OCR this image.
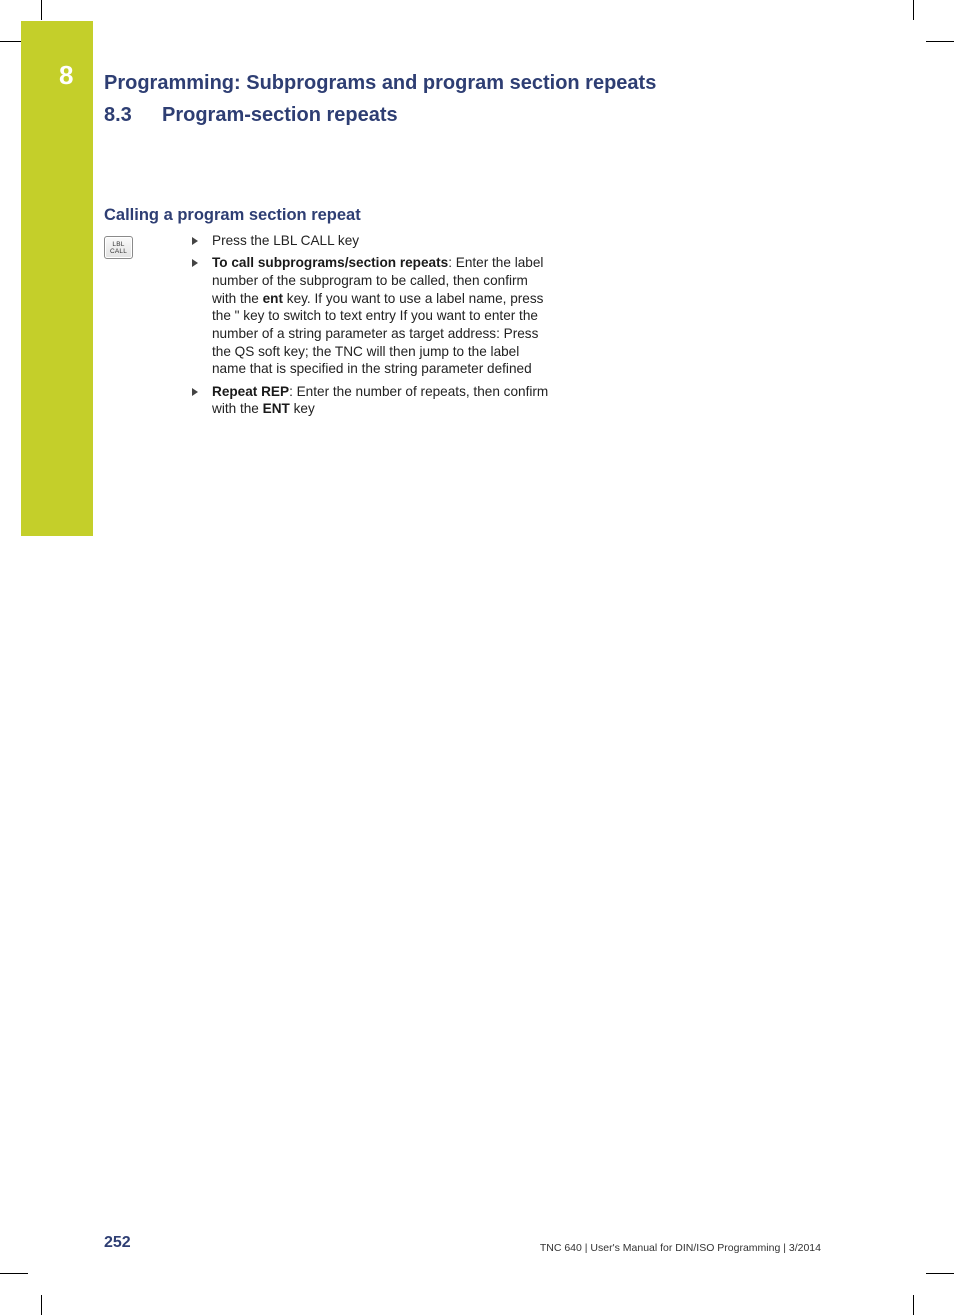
8	Programming: Subprograms and program section repeats
8.3 Program-section repeats
Calling a program section repeat
LBL
CALL
Press the LBL CALL key
To call subprograms/section repeats: Enter the label number of the subprogram to be called, then confirm with the ent key. If you want to use a label name, press the " key to switch to text entry If you want to enter the number of a string parameter as target address: Press the QS soft key; the TNC will then jump to the label name that is specified in the string parameter defined
Repeat REP: Enter the number of repeats, then confirm with the ENT key
252	TNC 640 | User's Manual for DIN/ISO Programming | 3/2014
